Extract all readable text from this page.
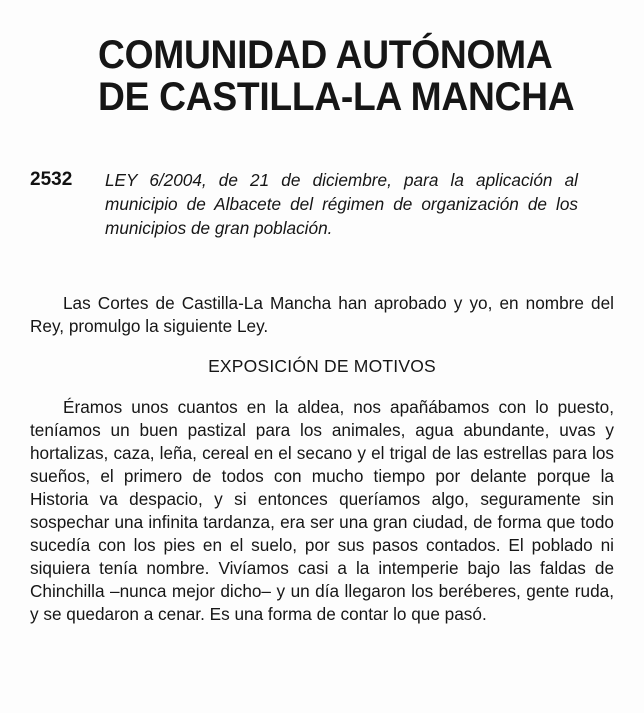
COMUNIDAD AUTÓNOMA
DE CASTILLA-LA MANCHA
2532	LEY 6/2004, de 21 de diciembre, para la aplicación al municipio de Albacete del régimen de organización de los municipios de gran población.
Las Cortes de Castilla-La Mancha han aprobado y yo, en nombre del Rey, promulgo la siguiente Ley.
EXPOSICIÓN DE MOTIVOS
Éramos unos cuantos en la aldea, nos apañábamos con lo puesto, teníamos un buen pastizal para los animales, agua abundante, uvas y hortalizas, caza, leña, cereal en el secano y el trigal de las estrellas para los sueños, el primero de todos con mucho tiempo por delante porque la Historia va despacio, y si entonces queríamos algo, seguramente sin sospechar una infinita tardanza, era ser una gran ciudad, de forma que todo sucedía con los pies en el suelo, por sus pasos contados. El poblado ni siquiera tenía nombre. Vivíamos casi a la intemperie bajo las faldas de Chinchilla –nunca mejor dicho– y un día llegaron los beréberes, gente ruda, y se quedaron a cenar. Es una forma de contar lo que pasó.
